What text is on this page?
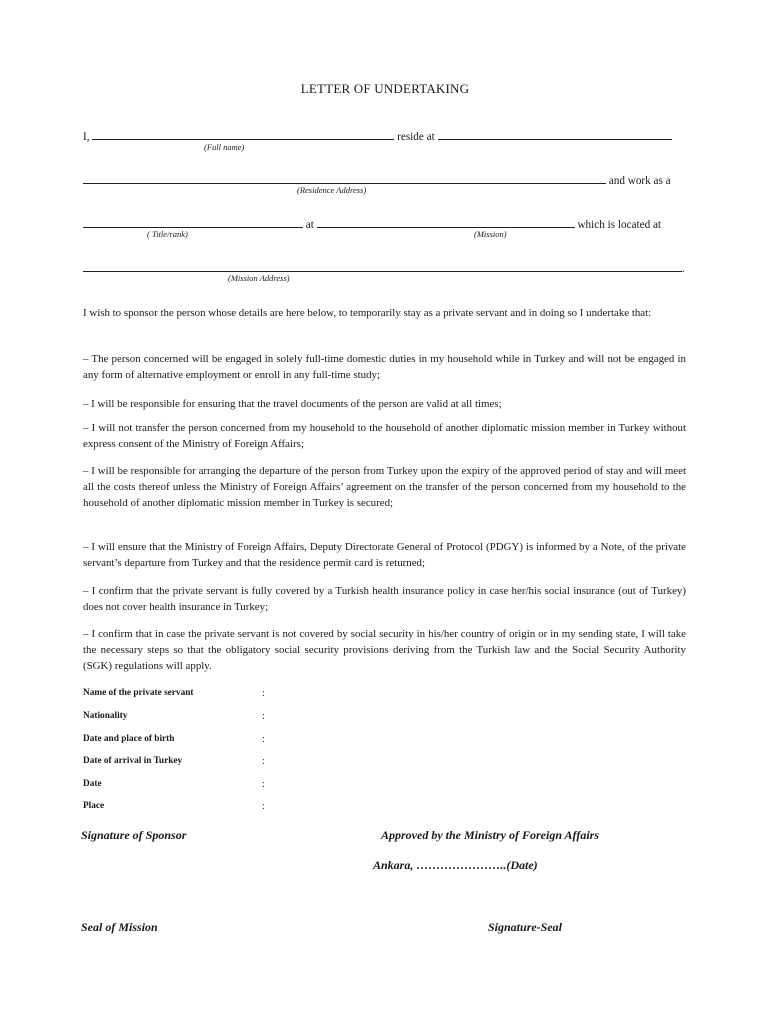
LETTER OF UNDERTAKING
I,	reside at
(Full name)
and work as a
(Residence Address)
at	which is located at
( Title/rank)	(Mission)
.
(Mission Address)
I wish to sponsor the person whose details are here below, to temporarily stay as a private servant and in doing so I undertake that:
– The person concerned will be engaged in solely full-time domestic duties in my household while in Turkey and will not be engaged in any form of alternative employment or enroll in any full-time study;
– I will be responsible for ensuring that the travel documents of the person are valid at all times;
– I will not transfer the person concerned from my household to the household of another diplomatic mission member in Turkey without express consent of the Ministry of Foreign Affairs;
– I will be responsible for arranging the departure of the person from Turkey upon the expiry of the approved period of stay and will meet all the costs thereof unless the Ministry of Foreign Affairs’ agreement on the transfer of the person concerned from my household to the household of another diplomatic mission member in Turkey is secured;
– I will ensure that the Ministry of Foreign Affairs, Deputy Directorate General of Protocol (PDGY) is informed by a Note, of the private servant’s departure from Turkey and that the residence permit card is returned;
– I confirm that the private servant is fully covered by a Turkish health insurance policy in case her/his social insurance (out of Turkey) does not cover health insurance in Turkey;
– I confirm that in case the private servant is not covered by social security in his/her country of origin or in my sending state, I will take the necessary steps so that the obligatory social security provisions deriving from the Turkish law and the Social Security Authority (SGK) regulations will apply.
Name of the private servant	:
Nationality	:
Date and place of birth	:
Date of arrival in Turkey	:
Date	:
Place	:
Signature of Sponsor	Approved by the Ministry of Foreign Affairs
Ankara, …………………..(Date)
Seal of Mission	Signature-Seal
